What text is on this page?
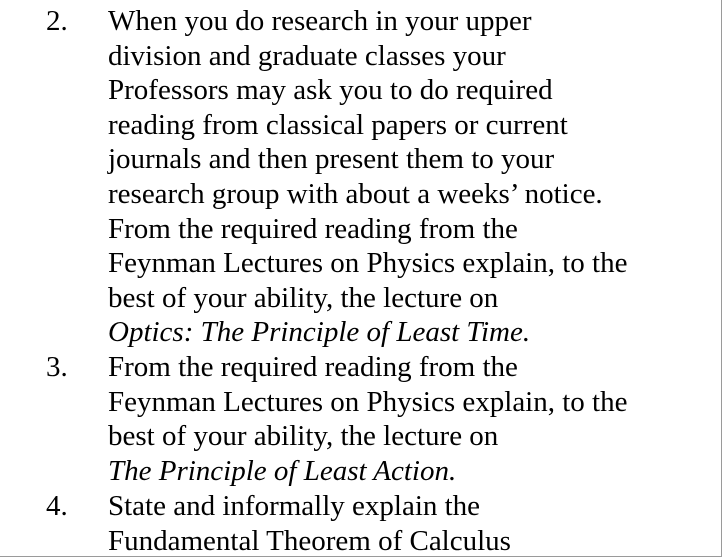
2. When you do research in your upper
division and graduate classes your
Professors may ask you to do required
reading from classical papers or current
journals and then present them to your
research group with about a weeks’ notice.
From the required reading from the
Feynman Lectures on Physics explain, to the
best of your ability, the lecture on
Optics: The Principle of Least Time.
3. From the required reading from the
Feynman Lectures on Physics explain, to the
best of your ability, the lecture on
The Principle of Least Action.
4. State and informally explain the
Fundamental Theorem of Calculus
